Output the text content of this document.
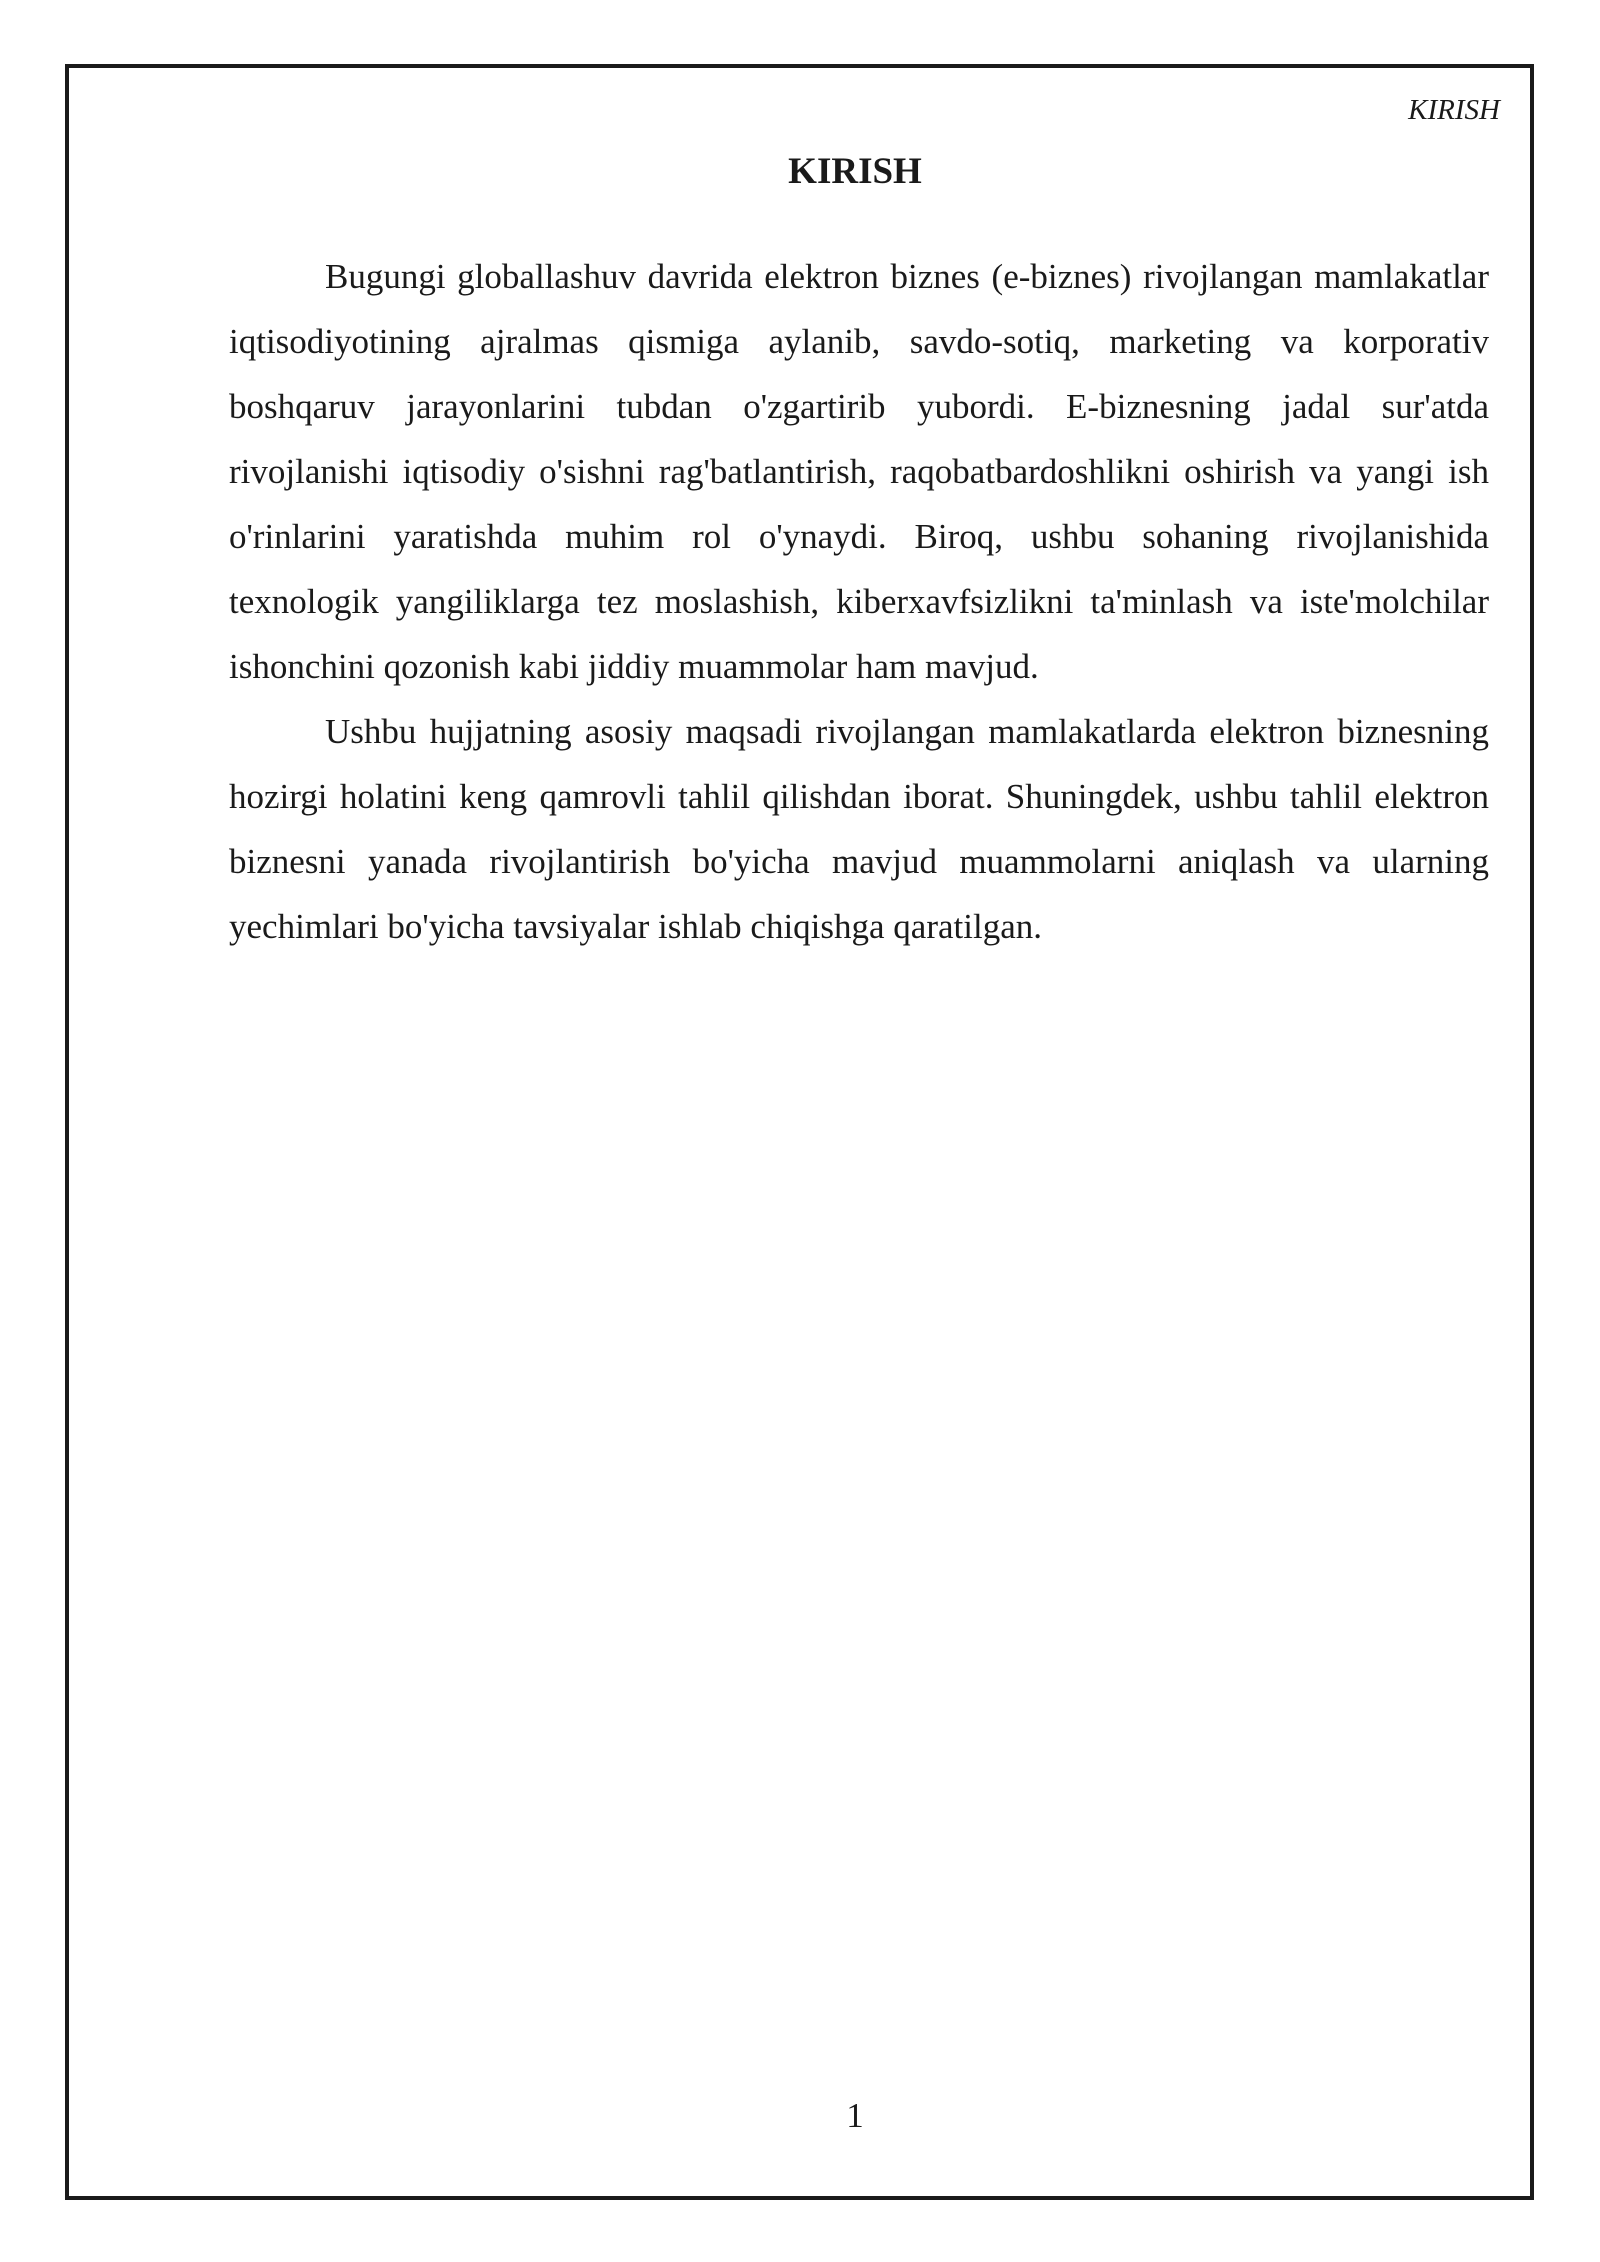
KIRISH
KIRISH

Bugungi globallashuv davrida elektron biznes (e-biznes) rivojlangan mamlakatlar iqtisodiyotining ajralmas qismiga aylanib, savdo-sotiq, marketing va korporativ boshqaruv jarayonlarini tubdan o'zgartirib yubordi. E-biznesning jadal sur'atda rivojlanishi iqtisodiy o'sishni rag'batlantirish, raqobatbardoshlikni oshirish va yangi ish o'rinlarini yaratishda muhim rol o'ynaydi. Biroq, ushbu sohaning rivojlanishida texnologik yangiliklarga tez moslashish, kiberxavfsizlikni ta'minlash va iste'molchilar ishonchini qozonish kabi jiddiy muammolar ham mavjud.

Ushbu hujjatning asosiy maqsadi rivojlangan mamlakatlarda elektron biznesning hozirgi holatini keng qamrovli tahlil qilishdan iborat. Shuningdek, ushbu tahlil elektron biznesni yanada rivojlantirish bo'yicha mavjud muammolarni aniqlash va ularning yechimlari bo'yicha tavsiyalar ishlab chiqishga qaratilgan.

1
